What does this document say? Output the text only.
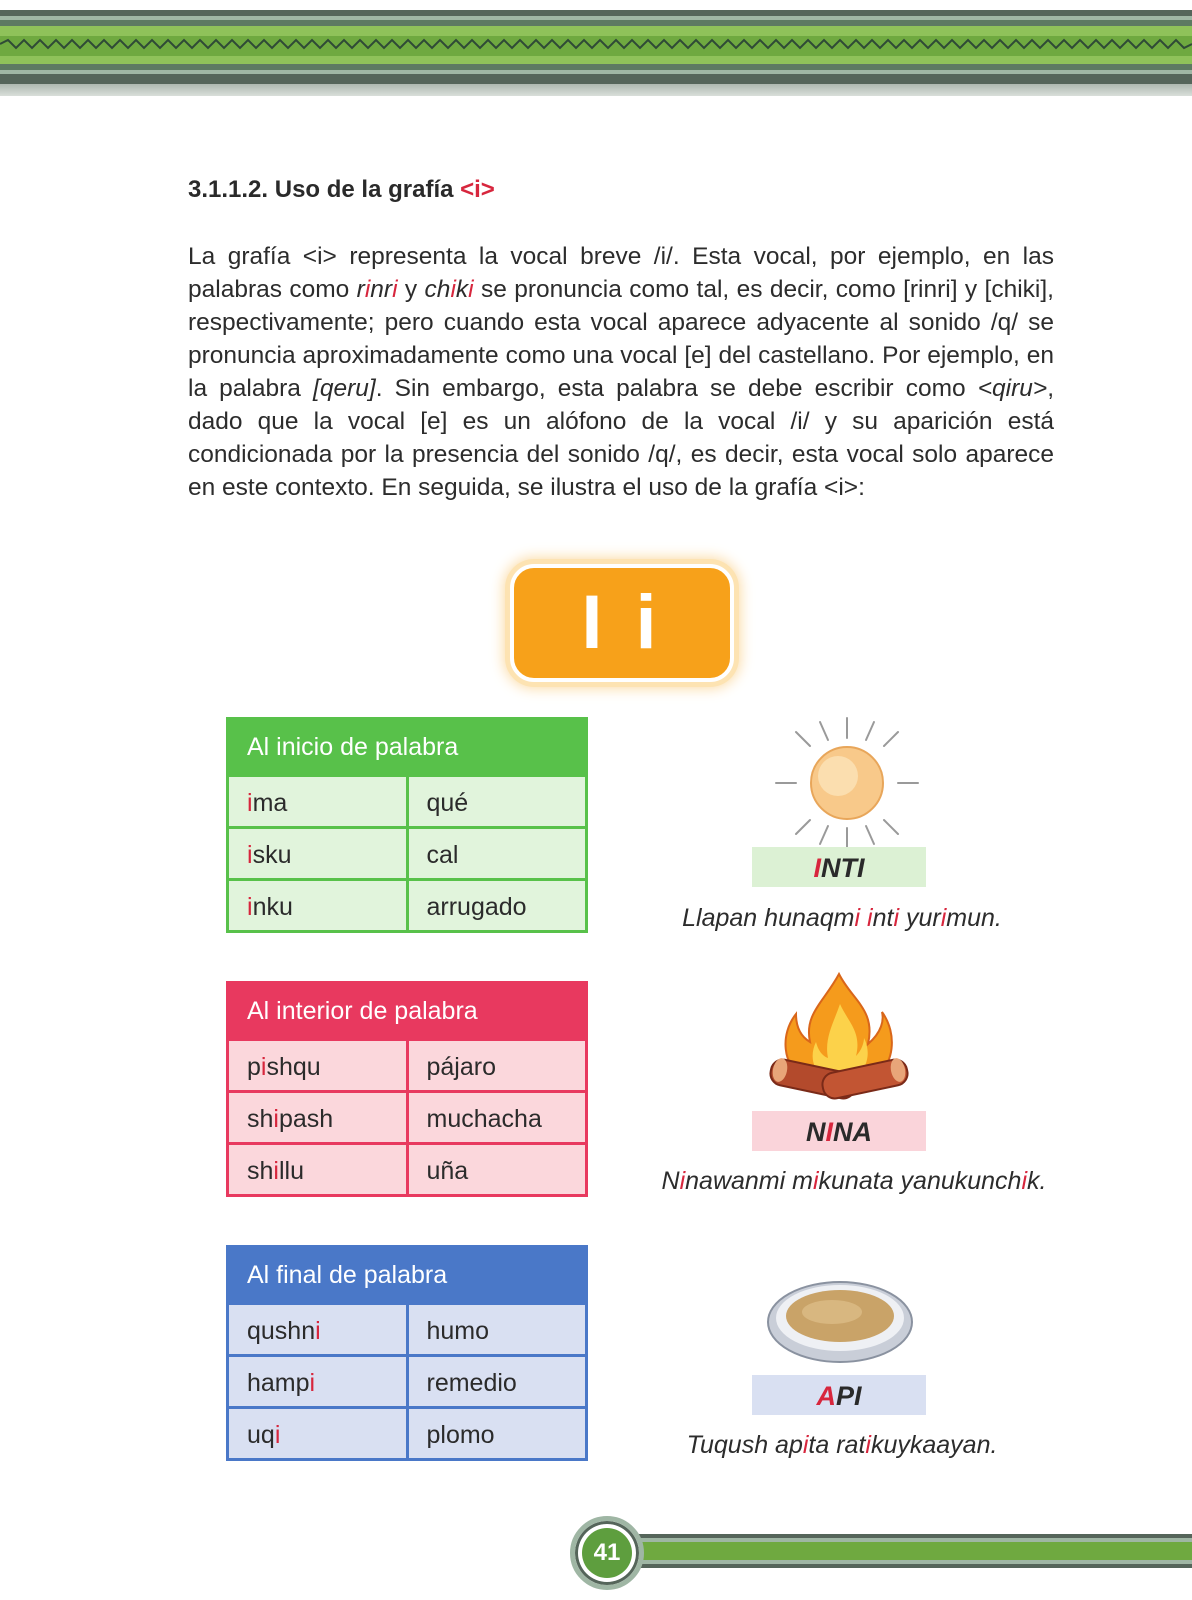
3.1.1.2. Uso de la grafía <i>
La grafía <i> representa la vocal breve /i/. Esta vocal, por ejemplo, en las palabras como rinri y chiki se pronuncia como tal, es decir, como [rinri] y [chiki], respectivamente; pero cuando esta vocal aparece adyacente al sonido /q/ se pronuncia aproximadamente como una vocal [e] del castellano. Por ejemplo, en la palabra [qeru]. Sin embargo, esta palabra se debe escribir como <qiru>, dado que la vocal [e] es un alófono de la vocal /i/ y su aparición está condicionada por la presencia del sonido /q/, es decir, esta vocal solo aparece en este contexto. En seguida, se ilustra el uso de la grafía <i>:
I i
Al inicio de palabra
ima	qué
isku	cal
inku	arrugado
Al interior de palabra
pishqu	pájaro
shipash	muchacha
shillu	uña
Al final de palabra
qushni	humo
hampi	remedio
uqi	plomo
INTI
Llapan hunaqmi inti yurimun.
NINA
Ninawanmi mikunata yanukunchik.
API
Tuqush apita ratikuykaayan.
41
